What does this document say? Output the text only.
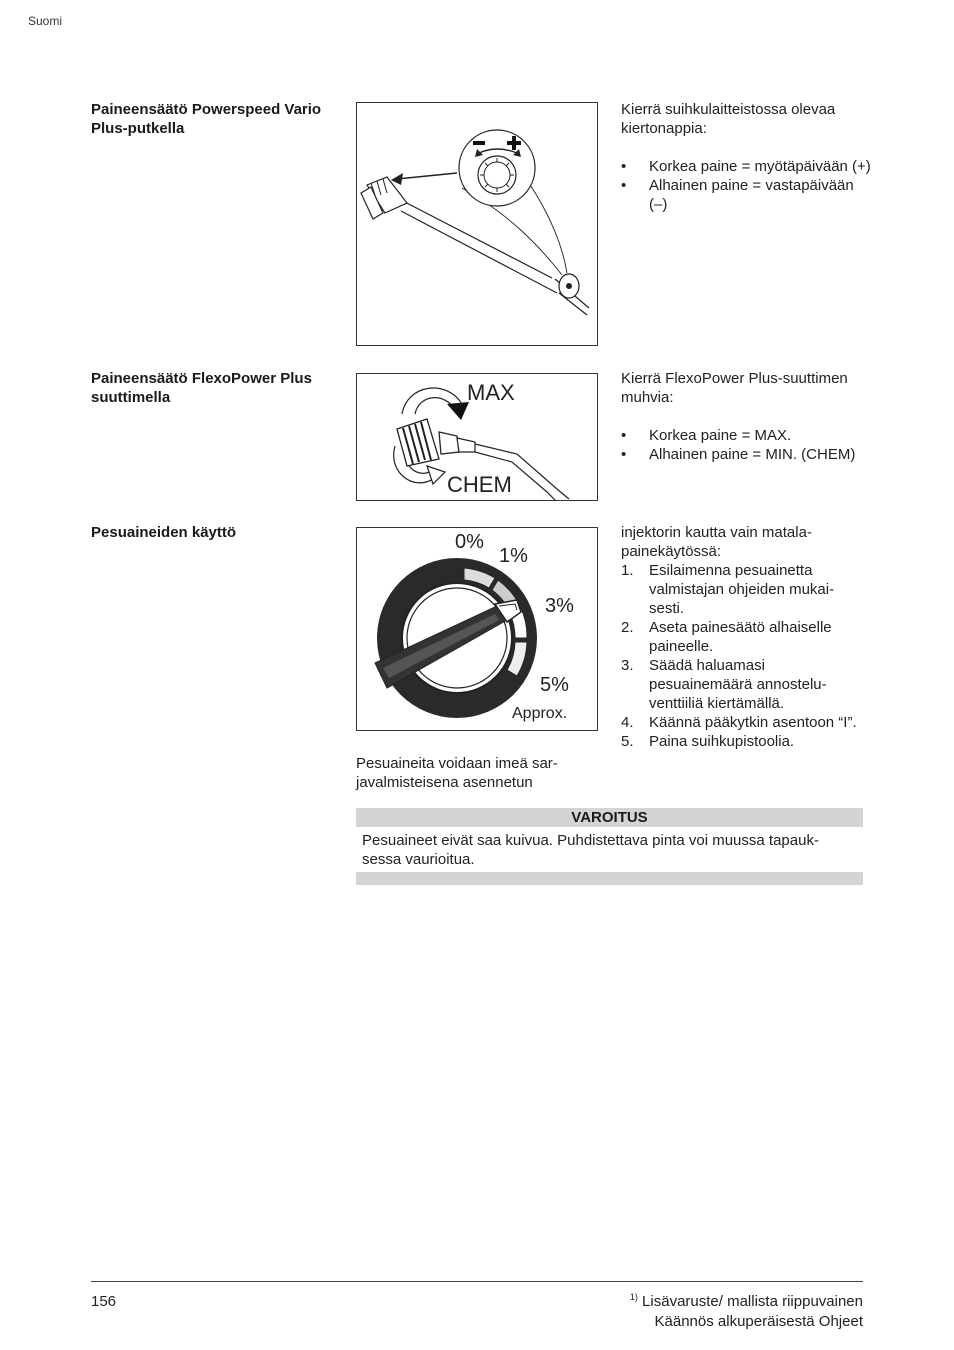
Suomi
Paineensäätö Powerspeed Vario Plus-putkella
Kierrä suihkulaitteistossa olevaa kiertonappia:
• Korkea paine = myötäpäivään (+)
• Alhainen paine = vastapäivään (–)
Paineensäätö FlexoPower Plus suuttimella	MAX
CHEM
Kierrä FlexoPower Plus-suuttimen muhvia:
• Korkea paine = MAX.
• Alhainen paine = MIN. (CHEM)
Pesuaineiden käyttö	0%
1%
3%
5%
Approx.
Pesuaineita voidaan imeä sar- javalmisteisena asennetun
injektorin kautta vain matala- painekäytössä:
1. Esilaimenna pesuainetta valmistajan ohjeiden mukai- sesti.
2. Aseta painesäätö alhaiselle paineelle.
3. Säädä haluamasi pesuainemäärä annostelu- venttiiliä kiertämällä.
4. Käännä pääkytkin asentoon “I”.
5. Paina suihkupistoolia.
VAROITUS
Pesuaineet eivät saa kuivua. Puhdistettava pinta voi muussa tapauk- sessa vaurioitua.
156	$^{1)}$ Lisävaruste/ mallista riippuvainen
Käännös alkuperäisestä Ohjeet
